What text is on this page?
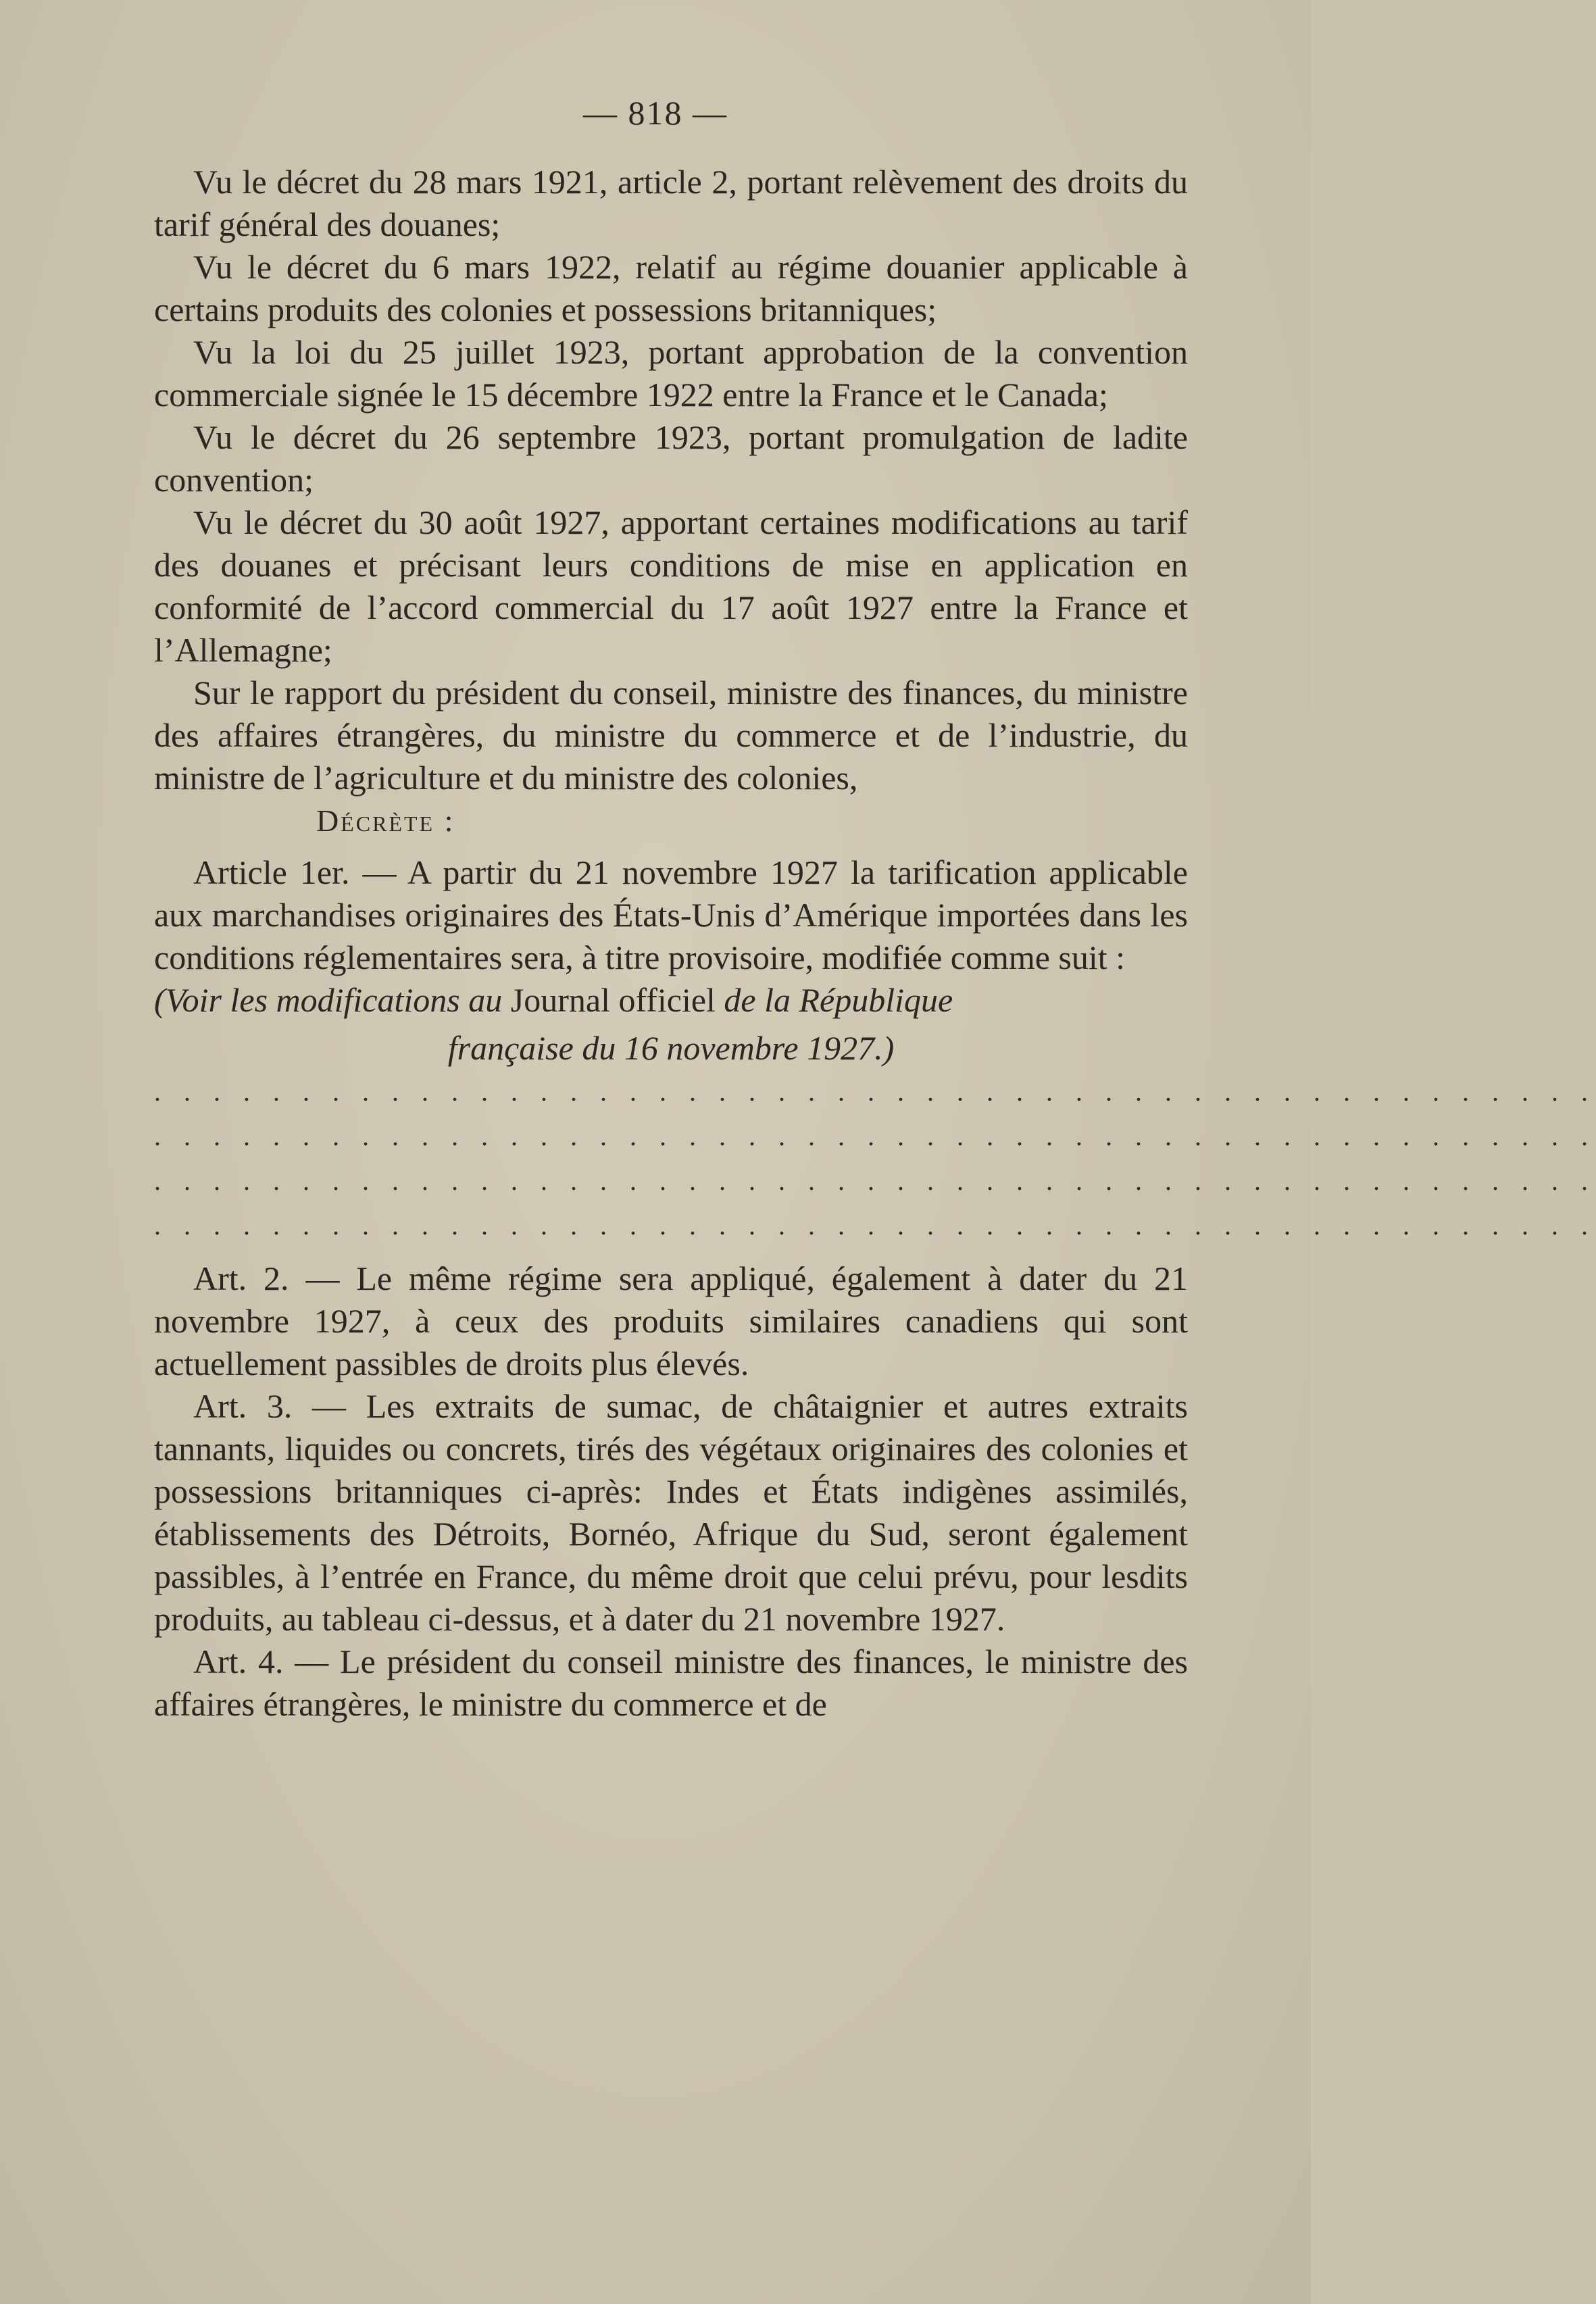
— 818 —

Vu le décret du 28 mars 1921, article 2, portant relèvement des droits du tarif général des douanes;

Vu le décret du 6 mars 1922, relatif au régime douanier applicable à certains produits des colonies et possessions britanniques;

Vu la loi du 25 juillet 1923, portant approbation de la convention commerciale signée le 15 décembre 1922 entre la France et le Canada;

Vu le décret du 26 septembre 1923, portant promulgation de ladite convention;

Vu le décret du 30 août 1927, apportant certaines modifications au tarif des douanes et précisant leurs conditions de mise en application en conformité de l’accord commercial du 17 août 1927 entre la France et l’Allemagne;

Sur le rapport du président du conseil, ministre des finances, du ministre des affaires étrangères, du ministre du commerce et de l’industrie, du ministre de l’agriculture et du ministre des colonies,

Décrète :

Article 1er. — A partir du 21 novembre 1927 la tarification applicable aux marchandises originaires des États-Unis d’Amérique importées dans les conditions réglementaires sera, à titre provisoire, modifiée comme suit :

(Voir les modifications au Journal officiel de la République

française du 16 novembre 1927.)

. . . . . . . . . . . . . . . . . . . . . . . . . . . . . . . . . . . . . . . . . . . . . . . . .
. . . . . . . . . . . . . . . . . . . . . . . . . . . . . . . . . . . . . . . . . . . . . . . . .
. . . . . . . . . . . . . . . . . . . . . . . . . . . . . . . . . . . . . . . . . . . . . . . . .
. . . . . . . . . . . . . . . . . . . . . . . . . . . . . . . . . . . . . . . . . . . . . . . . .

Art. 2. — Le même régime sera appliqué, également à dater du 21 novembre 1927, à ceux des produits similaires canadiens qui sont actuellement passibles de droits plus élevés.

Art. 3. — Les extraits de sumac, de châtaignier et autres extraits tannants, liquides ou concrets, tirés des végétaux originaires des colonies et possessions britanniques ci-après: Indes et États indigènes assimilés, établissements des Détroits, Bornéo, Afrique du Sud, seront également passibles, à l’entrée en France, du même droit que celui prévu, pour lesdits produits, au tableau ci-dessus, et à dater du 21 novembre 1927.

Art. 4. — Le président du conseil ministre des finances, le ministre des affaires étrangères, le ministre du commerce et de
